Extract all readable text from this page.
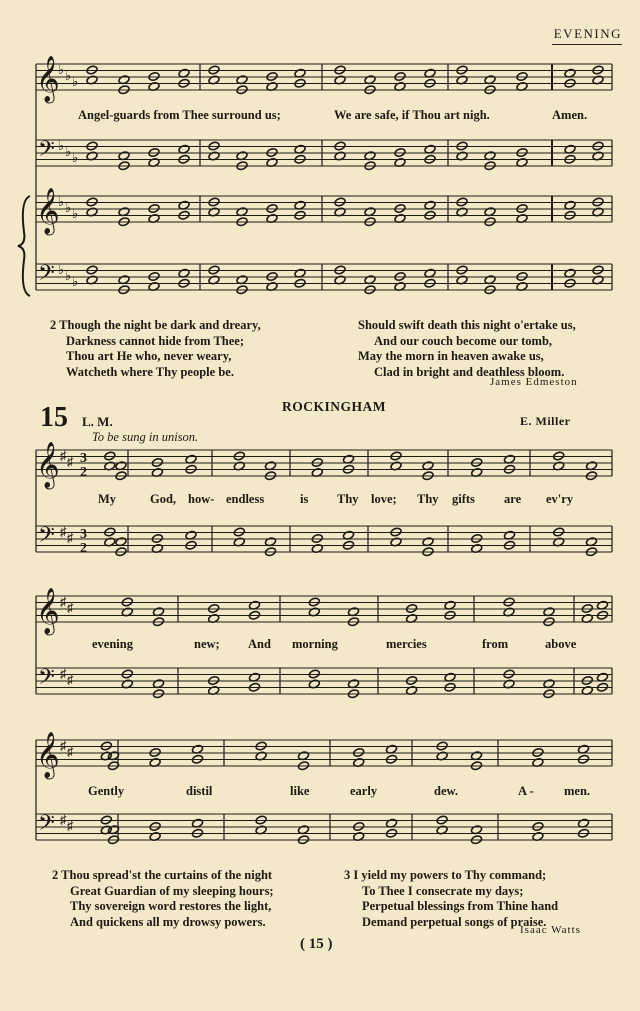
EVENING
𝄞
♭ ♭ ♭
𝄢 ♭ ♭ ♭
𝄞
♭ ♭ ♭
𝄢 ♭ ♭ ♭
Angel-guards from Thee surround us;	We are safe, if Thou art nigh.	Amen.
2 Though the night be dark and dreary,
Darkness cannot hide from Thee;
Thou art He who, never weary,
Watcheth where Thy people be.
Should swift death this night o'ertake us,
And our couch become our tomb,
May the morn in heaven awake us,
Clad in bright and deathless bloom.
James Edmeston
15 L. M.
ROCKINGHAM
E. Miller
To be sung in unison.
𝄞 ♯ ♯ 3
2
𝄢 ♯ ♯ 3
2
𝄞 ♯ ♯
𝄢 ♯ ♯
𝄞 ♯ ♯
𝄢 ♯ ♯
My	God, how- endless	is Thy love; Thy gifts are ev'ry
evening	new; And morning	mercies	from	above
Gently	distil	like	early	dew.	A - men.
2 Thou spread'st the curtains of the night
Great Guardian of my sleeping hours;
Thy sovereign word restores the light,
And quickens all my drowsy powers.
3 I yield my powers to Thy command;
To Thee I consecrate my days;
Perpetual blessings from Thine hand
Demand perpetual songs of praise.
Isaac Watts
( 15 )
